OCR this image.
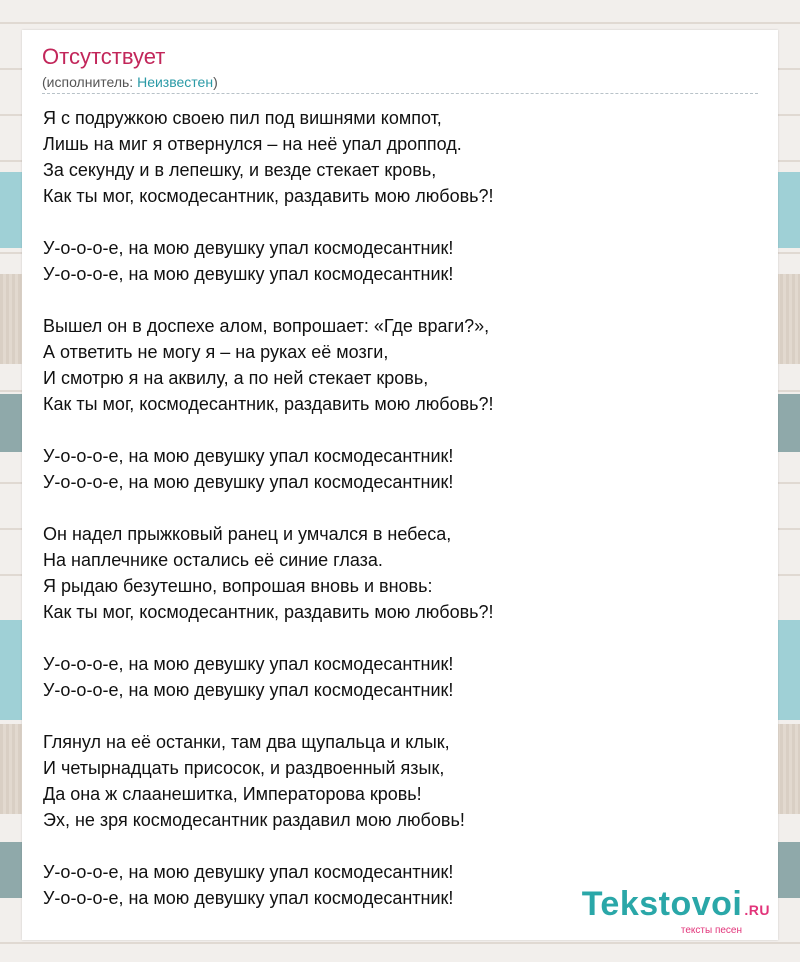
Отсутствует
(исполнитель: Неизвестен)
Я с подружкою своею пил под вишнями компот,
Лишь на миг я отвернулся – на неё упал дроппод.
За секунду и в лепешку, и везде стекает кровь,
Как ты мог, космодесантник, раздавить мою любовь?!
У-о-о-о-е, на мою девушку упал космодесантник!
У-о-о-о-е, на мою девушку упал космодесантник!
Вышел он в доспехе алом, вопрошает: «Где враги?»,
А ответить не могу я – на руках её мозги,
И смотрю я на аквилу, а по ней стекает кровь,
Как ты мог, космодесантник, раздавить мою любовь?!
У-о-о-о-е, на мою девушку упал космодесантник!
У-о-о-о-е, на мою девушку упал космодесантник!
Он надел прыжковый ранец и умчался в небеса,
На наплечнике остались её синие глаза.
Я рыдаю безутешно, вопрошая вновь и вновь:
Как ты мог, космодесантник, раздавить мою любовь?!
У-о-о-о-е, на мою девушку упал космодесантник!
У-о-о-о-е, на мою девушку упал космодесантник!
Глянул на её останки, там два щупальца и клык,
И четырнадцать присосок, и раздвоенный язык,
Да она ж слаанешитка, Императорова кровь!
Эх, не зря космодесантник раздавил мою любовь!
У-о-о-о-е, на мою девушку упал космодесантник!
У-о-о-о-е, на мою девушку упал космодесантник!	Tekstovoi .RU
тексты песен
